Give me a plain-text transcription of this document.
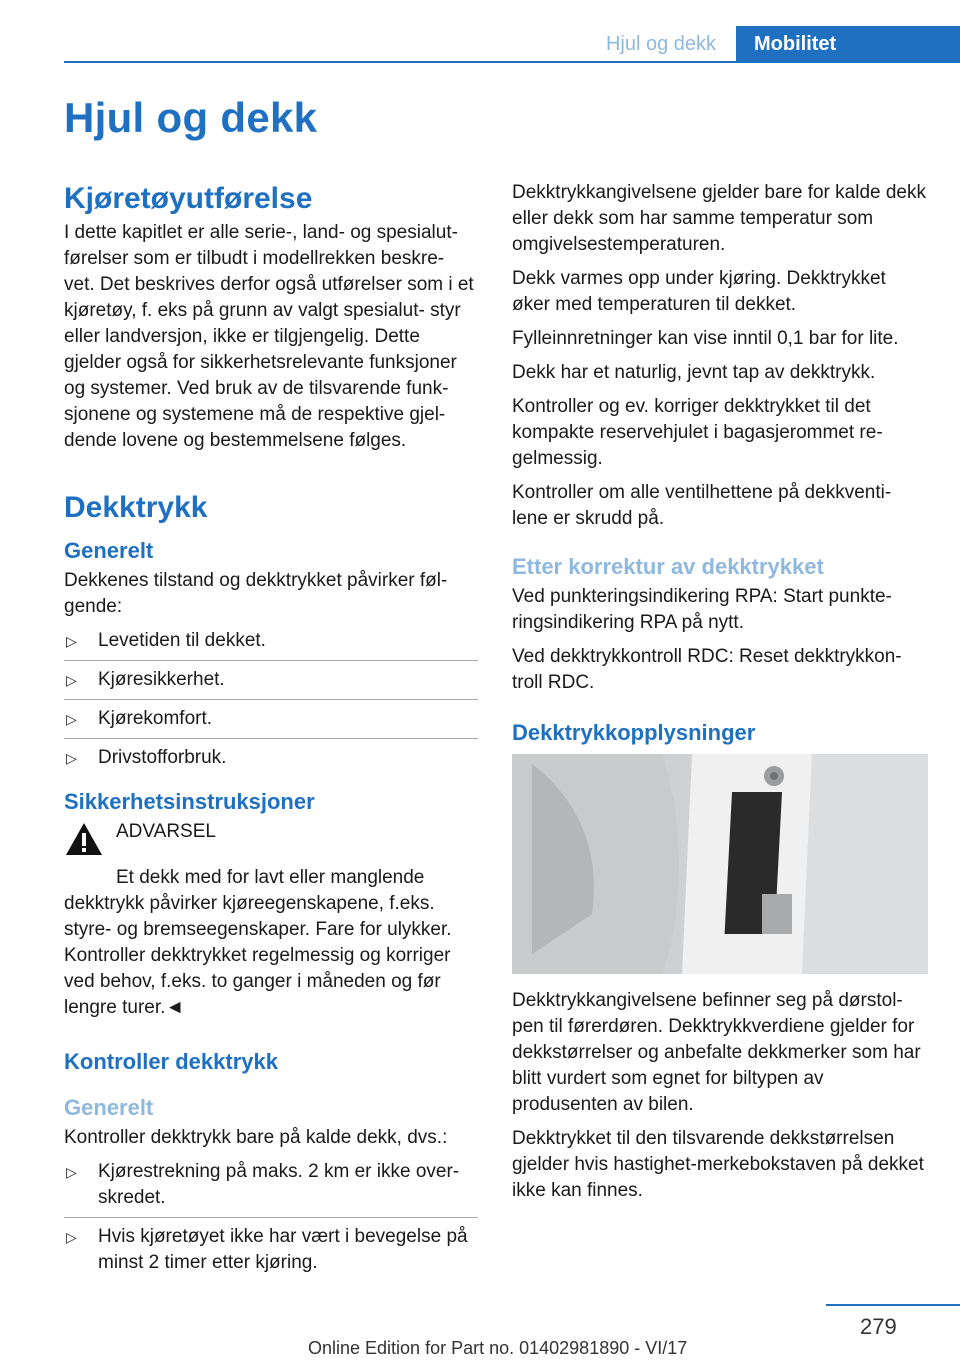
Hjul og dekk	Mobilitet
Hjul og dekk
Kjøretøyutførelse

I dette kapitlet er alle serie-, land- og spesialut- førelser som er tilbudt i modellrekken beskre- vet. Det beskrives derfor også utførelser som i et kjøretøy, f. eks på grunn av valgt spesialut- styr eller landversjon, ikke er tilgjengelig. Dette gjelder også for sikkerhetsrelevante funksjoner og systemer. Ved bruk av de tilsvarende funk- sjonene og systemene må de respektive gjel- dende lovene og bestemmelsene følges.

Dekktrykk
Generelt

Dekkenes tilstand og dekktrykket påvirker føl- gende:

▷ Levetiden til dekket.
▷ Kjøresikkerhet.
▷ Kjørekomfort.
▷ Drivstofforbruk.
Sikkerhetsinstruksjoner

ADVARSEL

Et dekk med for lavt eller manglende dekktrykk påvirker kjøreegenskapene, f.eks. styre- og bremseegenskaper. Fare for ulykker. Kontroller dekktrykket regelmessig og korriger ved behov, f.eks. to ganger i måneden og før lengre turer.◄

Kontroller dekktrykk
Generelt

Kontroller dekktrykk bare på kalde dekk, dvs.:

▷ Kjørestrekning på maks. 2 km er ikke over- skredet.
▷ Hvis kjøretøyet ikke har vært i bevegelse på minst 2 timer etter kjøring.

Dekktrykkangivelsene gjelder bare for kalde dekk eller dekk som har samme temperatur som omgivelsestemperaturen.

Dekk varmes opp under kjøring. Dekktrykket øker med temperaturen til dekket.

Fylleinnretninger kan vise inntil 0,1 bar for lite.

Dekk har et naturlig, jevnt tap av dekktrykk.

Kontroller og ev. korriger dekktrykket til det kompakte reservehjulet i bagasjerommet re- gelmessig.

Kontroller om alle ventilhettene på dekkventi- lene er skrudd på.

Etter korrektur av dekktrykket

Ved punkteringsindikering RPA: Start punkte- ringsindikering RPA på nytt.

Ved dekktrykkontroll RDC: Reset dekktrykkon- troll RDC.

Dekktrykkopplysninger

Dekktrykkangivelsene befinner seg på dørstol- pen til førerdøren. Dekktrykkverdiene gjelder for dekkstørrelser og anbefalte dekkmerker som har blitt vurdert som egnet for biltypen av produsenten av bilen.

Dekktrykket til den tilsvarende dekkstørrelsen gjelder hvis hastighet-merkebokstaven på dekket ikke kan finnes.

279
Online Edition for Part no. 01402981890 - VI/17
